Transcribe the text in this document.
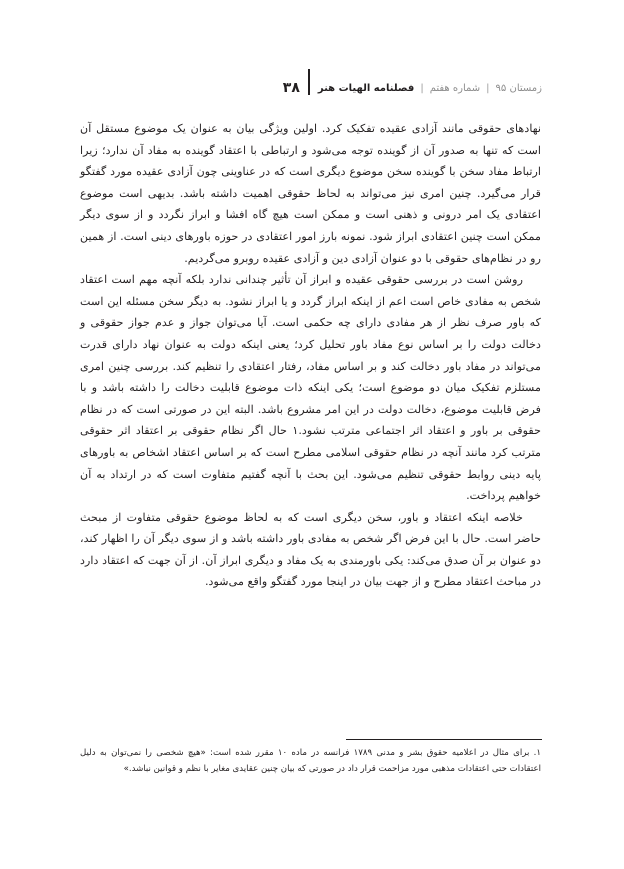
۳۸ فصلنامه الهیات هنر | شماره هفتم | زمستان ۹۵

نهادهای حقوقی مانند آزادی عقیده تفکیک کرد. اولین ویژگی بیان به عنوان یک موضوع مستقل آن است که تنها به صدور آن از گوینده توجه می‌شود و ارتباطی با اعتقاد گوینده به مفاد آن ندارد؛ زیرا ارتباط مفاد سخن با گوینده سخن موضوع دیگری است که در عناوینی چون آزادی عقیده مورد گفتگو قرار می‌گیرد. چنین امری نیز می‌تواند به لحاظ حقوقی اهمیت داشته باشد. بدیهی است موضوع اعتقادی یک امر درونی و ذهنی است و ممکن است هیچ گاه افشا و ابراز نگردد و از سوی دیگر ممکن است چنین اعتقادی ابراز شود. نمونه بارز امور اعتقادی در حوزه باورهای دینی است. از همین رو در نظام‌های حقوقی با دو عنوان آزادی دین و آزادی عقیده روبرو می‌گردیم.

روشن است در بررسی حقوقی عقیده و ابراز آن تأثیر چندانی ندارد بلکه آنچه مهم است اعتقاد شخص به مفادی خاص است اعم از اینکه ابراز گردد و یا ابراز نشود. به دیگر سخن مسئله این است که باور صرف نظر از هر مفادی دارای چه حکمی است. آیا می‌توان جواز و عدم جواز حقوقی و دخالت دولت را بر اساس نوع مفاد باور تحلیل کرد؛ یعنی اینکه دولت به عنوان نهاد دارای قدرت می‌تواند در مفاد باور دخالت کند و بر اساس مفاد، رفتار اعتقادی را تنظیم کند. بررسی چنین امری مستلزم تفکیک میان دو موضوع است؛ یکی اینکه ذات موضوع قابلیت دخالت را داشته باشد و با فرض قابلیت موضوع، دخالت دولت در این امر مشروع باشد. البته این در صورتی است که در نظام حقوقی بر باور و اعتقاد اثر اجتماعی مترتب نشود.۱ حال اگر نظام حقوقی بر اعتقاد اثر حقوقی مترتب کرد مانند آنچه در نظام حقوقی اسلامی مطرح است که بر اساس اعتقاد اشخاص به باورهای پایه دینی روابط حقوقی تنظیم می‌شود. این بحث با آنچه گفتیم متفاوت است که در ارتداد به آن خواهیم پرداخت.

خلاصه اینکه اعتقاد و باور، سخن دیگری است که به لحاظ موضوع حقوقی متفاوت از مبحث حاضر است. حال با این فرض اگر شخص به مفادی باور داشته باشد و از سوی دیگر آن را اظهار کند، دو عنوان بر آن صدق می‌کند: یکی باورمندی به یک مفاد و دیگری ابراز آن. از آن جهت که اعتقاد دارد در مباحث اعتقاد مطرح و از جهت بیان در اینجا مورد گفتگو واقع می‌شود.

۱. برای مثال در اعلامیه حقوق بشر و مدنی ۱۷۸۹ فرانسه در ماده ۱۰ مقرر شده است: «هیچ شخصی را نمی‌توان به دلیل اعتقادات حتی اعتقادات مذهبی مورد مزاحمت قرار داد در صورتی که بیان چنین عقایدی مغایر با نظم و قوانین نباشد.»
